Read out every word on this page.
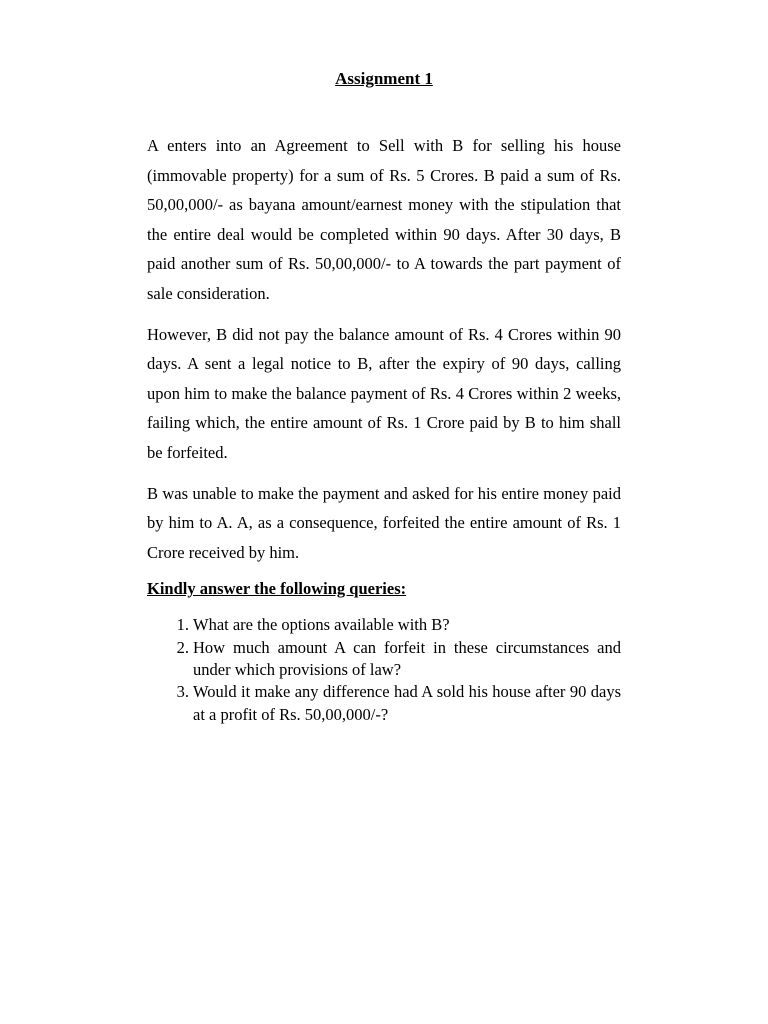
Assignment 1

A enters into an Agreement to Sell with B for selling his house (immovable property) for a sum of Rs. 5 Crores. B paid a sum of Rs. 50,00,000/- as bayana amount/earnest money with the stipulation that the entire deal would be completed within 90 days. After 30 days, B paid another sum of Rs. 50,00,000/- to A towards the part payment of sale consideration.

However, B did not pay the balance amount of Rs. 4 Crores within 90 days. A sent a legal notice to B, after the expiry of 90 days, calling upon him to make the balance payment of Rs. 4 Crores within 2 weeks, failing which, the entire amount of Rs. 1 Crore paid by B to him shall be forfeited.

B was unable to make the payment and asked for his entire money paid by him to A. A, as a consequence, forfeited the entire amount of Rs. 1 Crore received by him.

Kindly answer the following queries:
1. What are the options available with B?
2. How much amount A can forfeit in these circumstances and under which provisions of law?
3. Would it make any difference had A sold his house after 90 days at a profit of Rs. 50,00,000/-?
